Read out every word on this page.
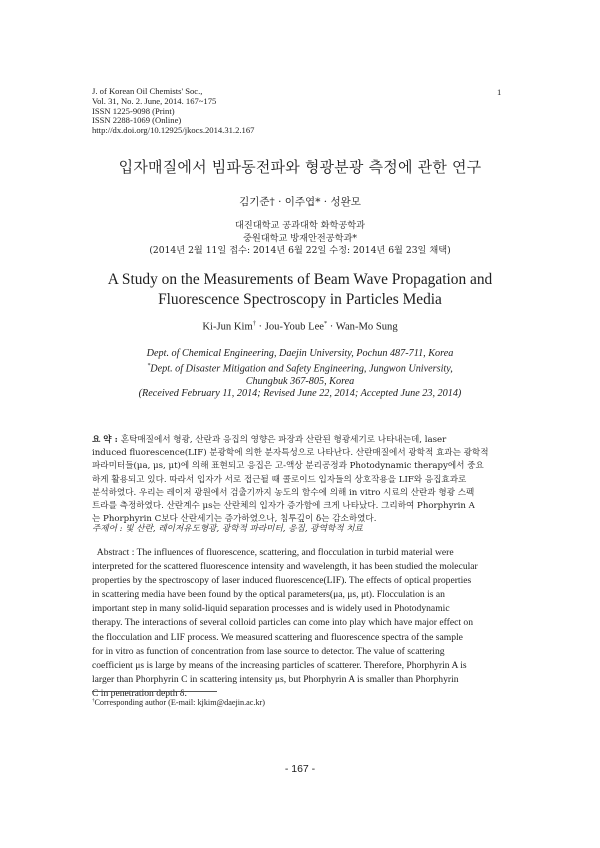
J. of Korean Oil Chemists' Soc.,
Vol. 31, No. 2. June, 2014. 167~175
ISSN 1225-9098 (Print)
ISSN 2288-1069 (Online)
http://dx.doi.org/10.12925/jkocs.2014.31.2.167
1
입자매질에서 빔파동전파와 형광분광 측정에 관한 연구
김기준† · 이주엽* · 성완모
대진대학교 공과대학 화학공학과
중원대학교 방재안전공학과*
(2014년 2월 11일 접수: 2014년 6월 22일 수정: 2014년 6월 23일 채택)
A Study on the Measurements of Beam Wave Propagation and
Fluorescence Spectroscopy in Particles Media
Ki-Jun Kim† · Jou-Youb Lee* · Wan-Mo Sung
Dept. of Chemical Engineering, Daejin University, Pochun 487-711, Korea
*Dept. of Disaster Mitigation and Safety Engineering, Jungwon University,
Chungbuk 367-805, Korea
(Received February 11, 2014; Revised June 22, 2014; Accepted June 23, 2014)
요 약 : 혼탁매질에서 형광, 산란과 응집의 영향은 파장과 산란된 형광세기로 나타내는데, laser
induced fluorescence(LIF) 분광학에 의한 분자특성으로 나타난다. 산란매질에서 광학적 효과는 광학적
파라미터들(μa, μs, μt)에 의해 표현되고 응집은 고-액상 분리공정과 Photodynamic therapy에서 중요
하게 활용되고 있다. 따라서 입자가 서로 접근될 때 콜로이드 입자들의 상호작용을 LIF와 응집효과로
분석하였다. 우리는 레이저 광원에서 검출기까지 농도의 함수에 의해 in vitro 시료의 산란과 형광 스펙
트라를 측정하였다. 산란계수 μs는 산란체의 입자가 증가함에 크게 나타났다. 그리하여 Phorphyrin A
는 Phorphyrin C보다 산란세기는 증가하였으나, 침투깊이 δ는 감소하였다.
주제어 : 빛 산란, 레이저유도형광, 광학적 파라미터, 응집, 광역학적 치료
Abstract : The influences of fluorescence, scattering, and flocculation in turbid material were
interpreted for the scattered fluorescence intensity and wavelength, it has been studied the molecular
properties by the spectroscopy of laser induced fluorescence(LIF). The effects of optical properties
in scattering media have been found by the optical parameters(μa, μs, μt). Flocculation is an
important step in many solid-liquid separation processes and is widely used in Photodynamic
therapy. The interactions of several colloid particles can come into play which have major effect on
the flocculation and LIF process. We measured scattering and fluorescence spectra of the sample
for in vitro as function of concentration from lase source to detector. The value of scattering
coefficient μs is large by means of the increasing particles of scatterer. Therefore, Phorphyrin A is
larger than Phorphyrin C in scattering intensity μs, but Phorphyrin A is smaller than Phorphyrin
C in penetration depth δ.
†Corresponding author (E-mail: kjkim@daejin.ac.kr)
- 167 -
